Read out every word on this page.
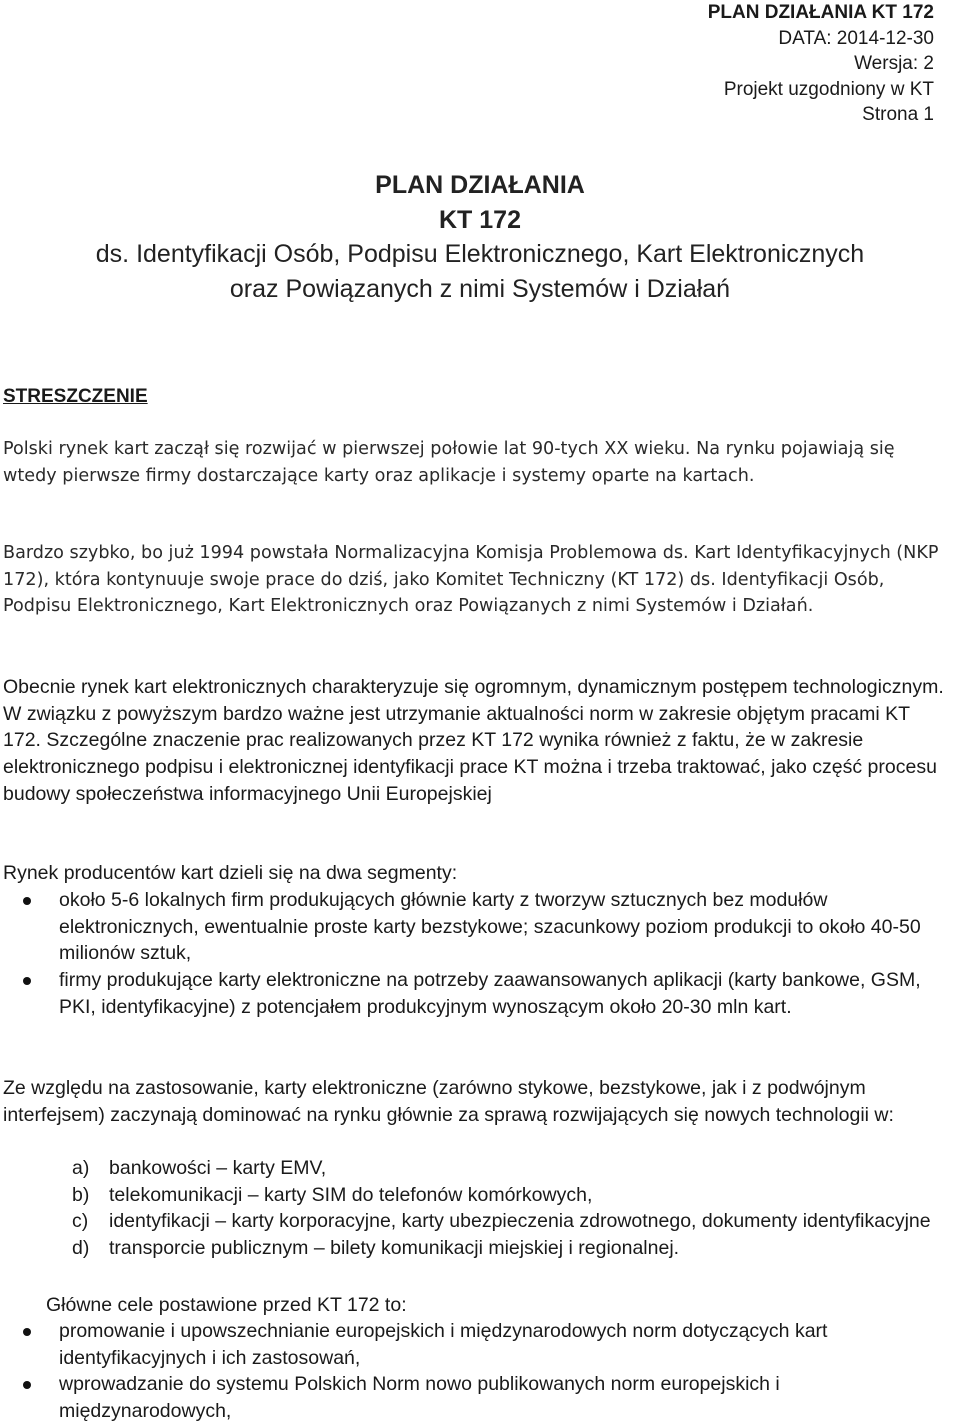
PLAN DZIAŁANIA KT 172
DATA: 2014-12-30
Wersja: 2
Projekt uzgodniony w KT
Strona 1
PLAN DZIAŁANIA
KT 172
ds. Identyfikacji Osób, Podpisu Elektronicznego, Kart Elektronicznych
oraz Powiązanych z nimi Systemów i Działań
STRESZCZENIE

Polski rynek kart zaczął się rozwijać w pierwszej połowie lat 90-tych XX wieku. Na rynku pojawiają się wtedy pierwsze firmy dostarczające karty oraz aplikacje i systemy oparte na kartach.

Bardzo szybko, bo już 1994 powstała Normalizacyjna Komisja Problemowa ds. Kart Identyfikacyjnych (NKP 172), która kontynuuje swoje prace do dziś, jako Komitet Techniczny (KT 172) ds. Identyfikacji Osób, Podpisu Elektronicznego, Kart Elektronicznych oraz Powiązanych z nimi Systemów i Działań.

Obecnie rynek kart elektronicznych charakteryzuje się ogromnym, dynamicznym postępem technologicznym. W związku z powyższym bardzo ważne jest utrzymanie aktualności norm w zakresie objętym pracami KT 172. Szczególne znaczenie prac realizowanych przez KT 172 wynika również z faktu, że w zakresie elektronicznego podpisu i elektronicznej identyfikacji prace KT można i trzeba traktować, jako część procesu budowy społeczeństwa informacyjnego Unii Europejskiej

Rynek producentów kart dzieli się na dwa segmenty:

około 5-6 lokalnych firm produkujących głównie karty z tworzyw sztucznych bez modułów elektronicznych, ewentualnie proste karty bezstykowe; szacunkowy poziom produkcji to około 40-50 milionów sztuk,
firmy produkujące karty elektroniczne na potrzeby zaawansowanych aplikacji (karty bankowe, GSM, PKI, identyfikacyjne) z potencjałem produkcyjnym wynoszącym około 20-30 mln kart.

Ze względu na zastosowanie, karty elektroniczne (zarówno stykowe, bezstykowe, jak i z podwójnym interfejsem) zaczynają dominować na rynku głównie za sprawą rozwijających się nowych technologii w:

a) bankowości – karty EMV,
b) telekomunikacji – karty SIM do telefonów komórkowych,
c) identyfikacji – karty korporacyjne, karty ubezpieczenia zdrowotnego, dokumenty identyfikacyjne
d) transporcie publicznym – bilety komunikacji miejskiej i regionalnej.

Główne cele postawione przed KT 172 to:

promowanie i upowszechnianie europejskich i międzynarodowych norm dotyczących kart identyfikacyjnych i ich zastosowań,
wprowadzanie do systemu Polskich Norm nowo publikowanych norm europejskich i międzynarodowych,
